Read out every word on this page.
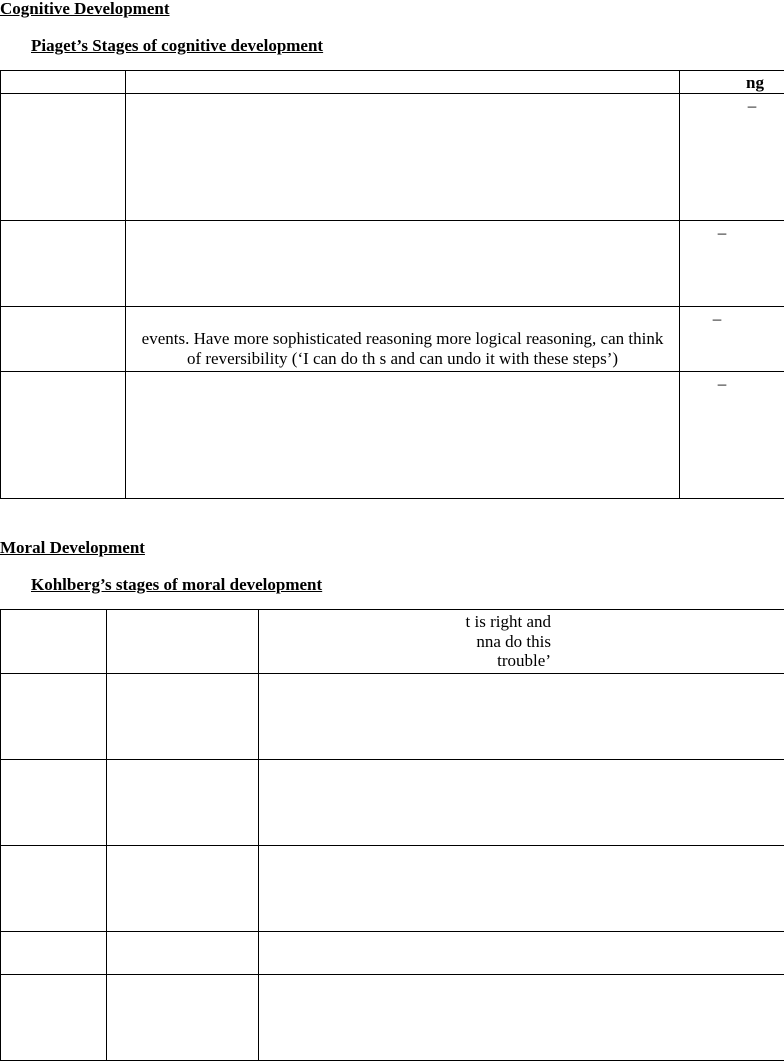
Cognitive Development
Piaget’s Stages of cognitive development

		ng

		–

		–

	events. Have more sophisticated reasoning more logical reasoning, can think of reversibility (‘I can do th s and can undo it with these steps’)	–

		–
Moral Development
Kohlberg’s stages of moral development

		t is right and
nna do this
trouble’
